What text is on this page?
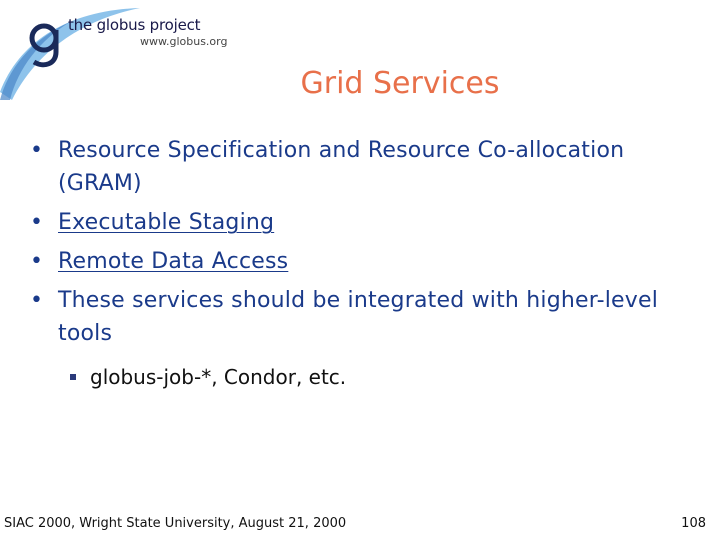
the globus project
www.globus.org
Grid Services
• Resource Specification and Resource Co-allocation (GRAM)
• Executable Staging
• Remote Data Access
• These services should be integrated with higher-level tools
globus-job-*, Condor, etc.
SIAC 2000, Wright State University, August 21, 2000	108
